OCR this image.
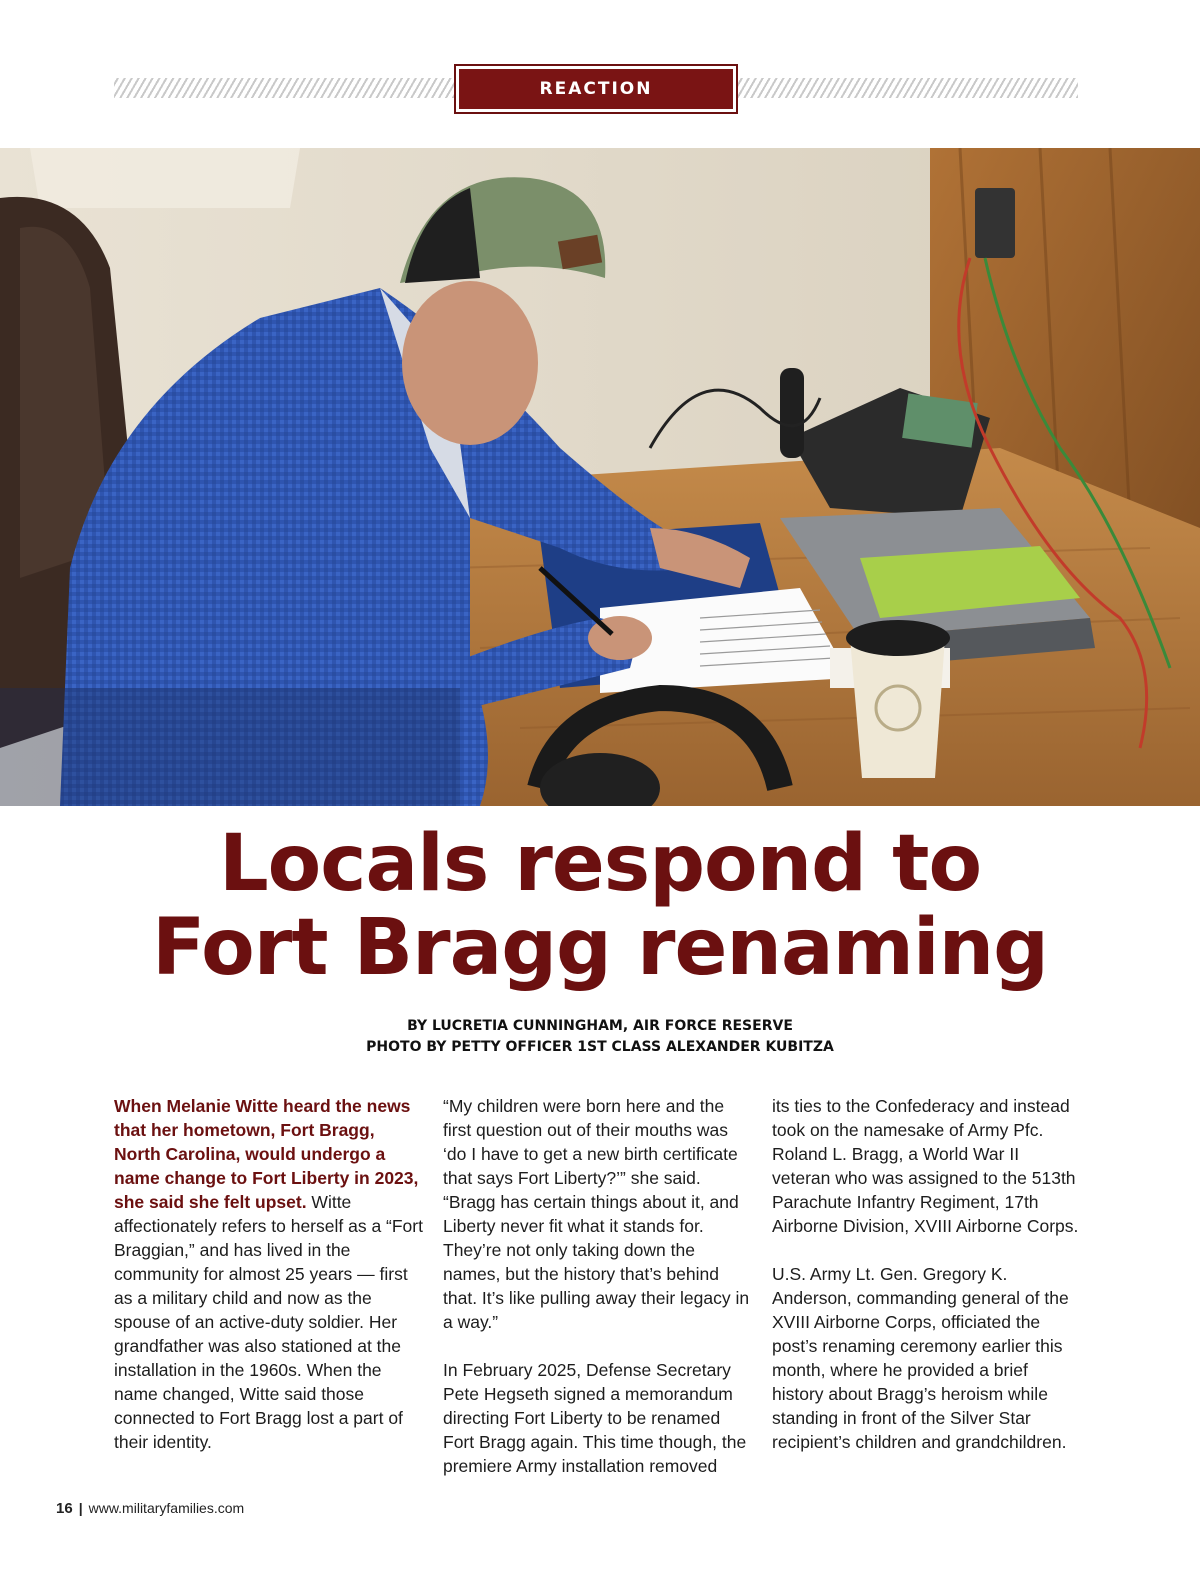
REACTION
Locals respond to
Fort Bragg renaming
BY LUCRETIA CUNNINGHAM, AIR FORCE RESERVE
PHOTO BY PETTY OFFICER 1ST CLASS ALEXANDER KUBITZA

When Melanie Witte heard the news that her hometown, Fort Bragg, North Carolina, would undergo a name change to Fort Liberty in 2023, she said she felt upset. Witte affectionately refers to herself as a “Fort Braggian,” and has lived in the community for almost 25 years — first as a military child and now as the spouse of an active-duty soldier. Her grandfather was also stationed at the installation in the 1960s. When the name changed, Witte said those connected to Fort Bragg lost a part of their identity.

“My children were born here and the first question out of their mouths was ‘do I have to get a new birth certificate that says Fort Liberty?’” she said. “Bragg has certain things about it, and Liberty never fit what it stands for. They’re not only taking down the names, but the history that’s behind that. It’s like pulling away their legacy in a way.”

In February 2025, Defense Secretary Pete Hegseth signed a memorandum directing Fort Liberty to be renamed Fort Bragg again. This time though, the premiere Army installation removed

its ties to the Confederacy and instead took on the namesake of Army Pfc. Roland L. Bragg, a World War II veteran who was assigned to the 513th Parachute Infantry Regiment, 17th Airborne Division, XVIII Airborne Corps.

U.S. Army Lt. Gen. Gregory K. Anderson, commanding general of the XVIII Airborne Corps, officiated the post’s renaming ceremony earlier this month, where he provided a brief history about Bragg’s heroism while standing in front of the Silver Star recipient’s children and grandchildren.

16 | www.militaryfamilies.com
